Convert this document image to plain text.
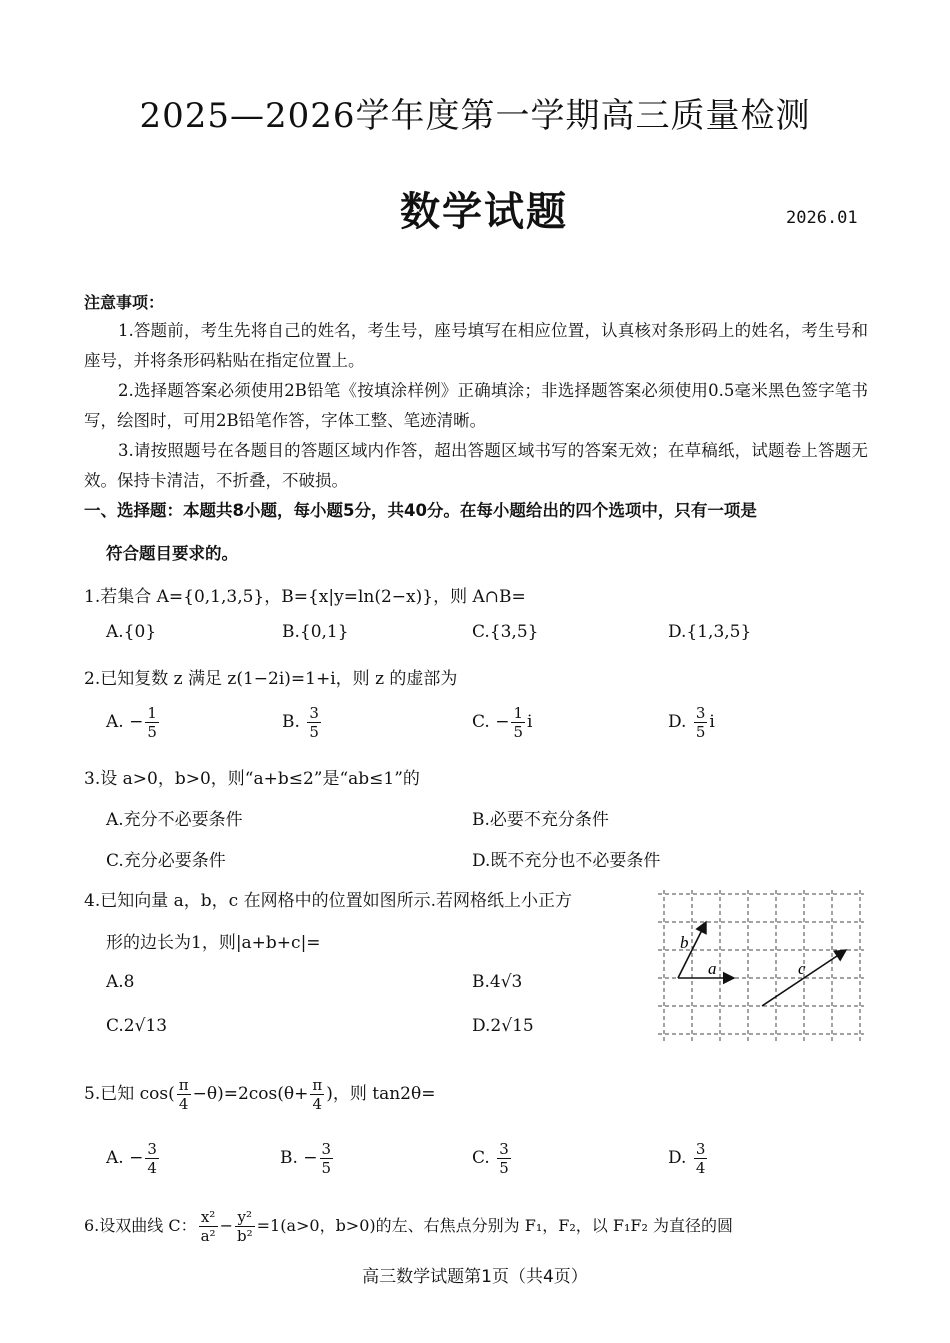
2025—2026学年度第一学期高三质量检测
数学试题	2026.01
注意事项：
1.答题前，考生先将自己的姓名，考生号，座号填写在相应位置，认真核对条形码上的姓名，考生号和座号，并将条形码粘贴在指定位置上。
2.选择题答案必须使用2B铅笔《按填涂样例》正确填涂；非选择题答案必须使用0.5毫米黑色签字笔书写，绘图时，可用2B铅笔作答，字体工整、笔迹清晰。
3.请按照题号在各题目的答题区域内作答，超出答题区域书写的答案无效；在草稿纸，试题卷上答题无效。保持卡清洁，不折叠，不破损。
一、选择题：本题共8小题，每小题5分，共40分。在每小题给出的四个选项中，只有一项是
符合题目要求的。
1.若集合 A={0,1,3,5}，B={x|y=ln(2−x)}，则 A∩B=
A.{0}	B.{0,1}	C.{3,5}	D.{1,3,5}
2.已知复数 z 满足 z(1−2i)=1+i，则 z 的虚部为
A. − $\frac{1}{5}$	B. $\frac{3}{5}$	C. − $\frac{1}{5}$ i	D. $\frac{3}{5}$ i
3.设 a>0，b>0，则“a+b≤2”是“ab≤1”的
A.充分不必要条件	B.必要不充分条件
C.充分必要条件	D.既不充分也不必要条件
4.已知向量 a，b，c 在网格中的位置如图所示.若网格纸上小正方
形的边长为1，则|a+b+c|=
A.8	B.4√3
C.2√13	D.2√15
a
b
c
5.已知 $\cos( \frac{\pi}{4} -\theta)=2\cos(\theta+ \frac{\pi}{4}$ )，则 tan2θ=
A. − $\frac{3}{4}$	B. − $\frac{3}{5}$	C. $\frac{3}{5}$	D. $\frac{3}{4}$
6.设双曲线 C： $\frac{\text{x²}}{\text{a²}} - \frac{\text{y²}}{\text{b²}} =1(a>0$，b>0)的左、右焦点分别为 F₁，F₂，以 F₁F₂ 为直径的圆
高三数学试题第1页（共4页）
